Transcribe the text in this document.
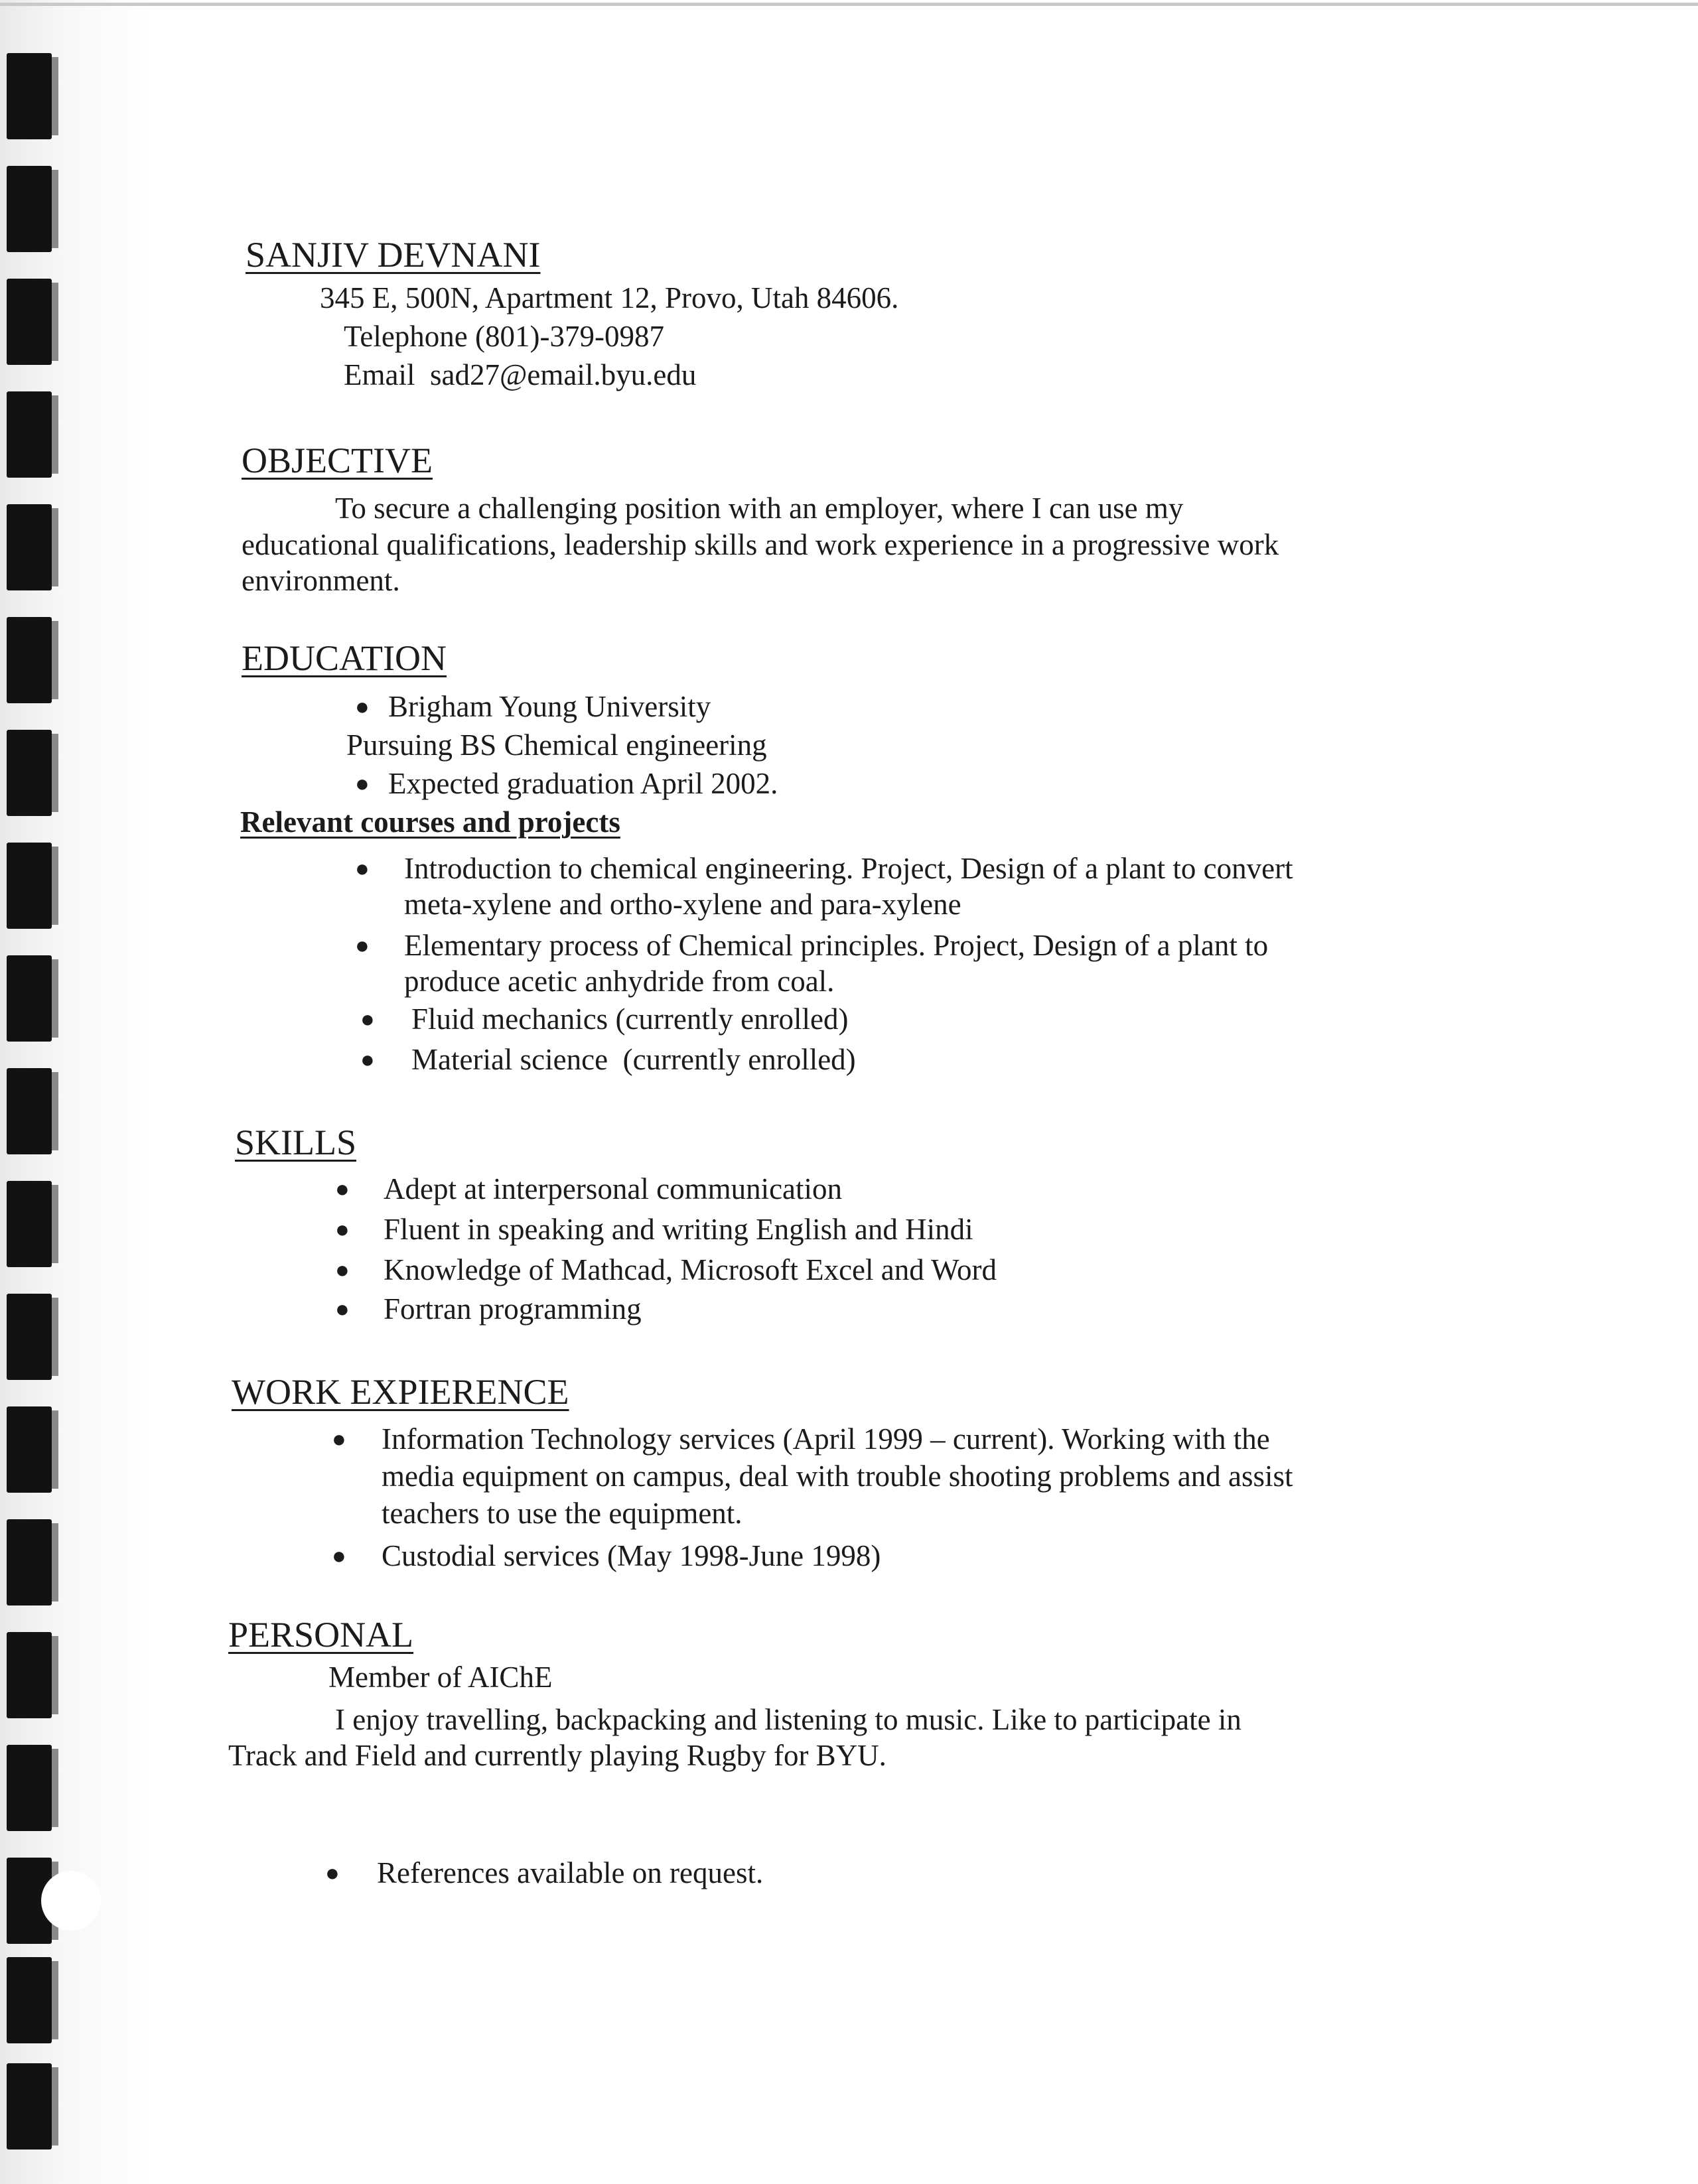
SANJIV DEVNANI

345 E, 500N, Apartment 12, Provo, Utah 84606.

Telephone (801)-379-0987

Email  sad27@email.byu.edu

OBJECTIVE

To secure a challenging position with an employer, where I can use my

educational qualifications, leadership skills and work experience in a progressive work

environment.

EDUCATION

● Brigham Young University

Pursuing BS Chemical engineering

● Expected graduation April 2002.

Relevant courses and projects

● Introduction to chemical engineering. Project, Design of a plant to convert

meta-xylene and ortho-xylene and para-xylene

● Elementary process of Chemical principles. Project, Design of a plant to

produce acetic anhydride from coal.

● Fluid mechanics (currently enrolled)

● Material science  (currently enrolled)

SKILLS

● Adept at interpersonal communication

● Fluent in speaking and writing English and Hindi

● Knowledge of Mathcad, Microsoft Excel and Word

● Fortran programming

WORK EXPIERENCE

● Information Technology services (April 1999 – current). Working with the

media equipment on campus, deal with trouble shooting problems and assist

teachers to use the equipment.

● Custodial services (May 1998-June 1998)

PERSONAL

Member of AIChE

I enjoy travelling, backpacking and listening to music. Like to participate in

Track and Field and currently playing Rugby for BYU.

● References available on request.
